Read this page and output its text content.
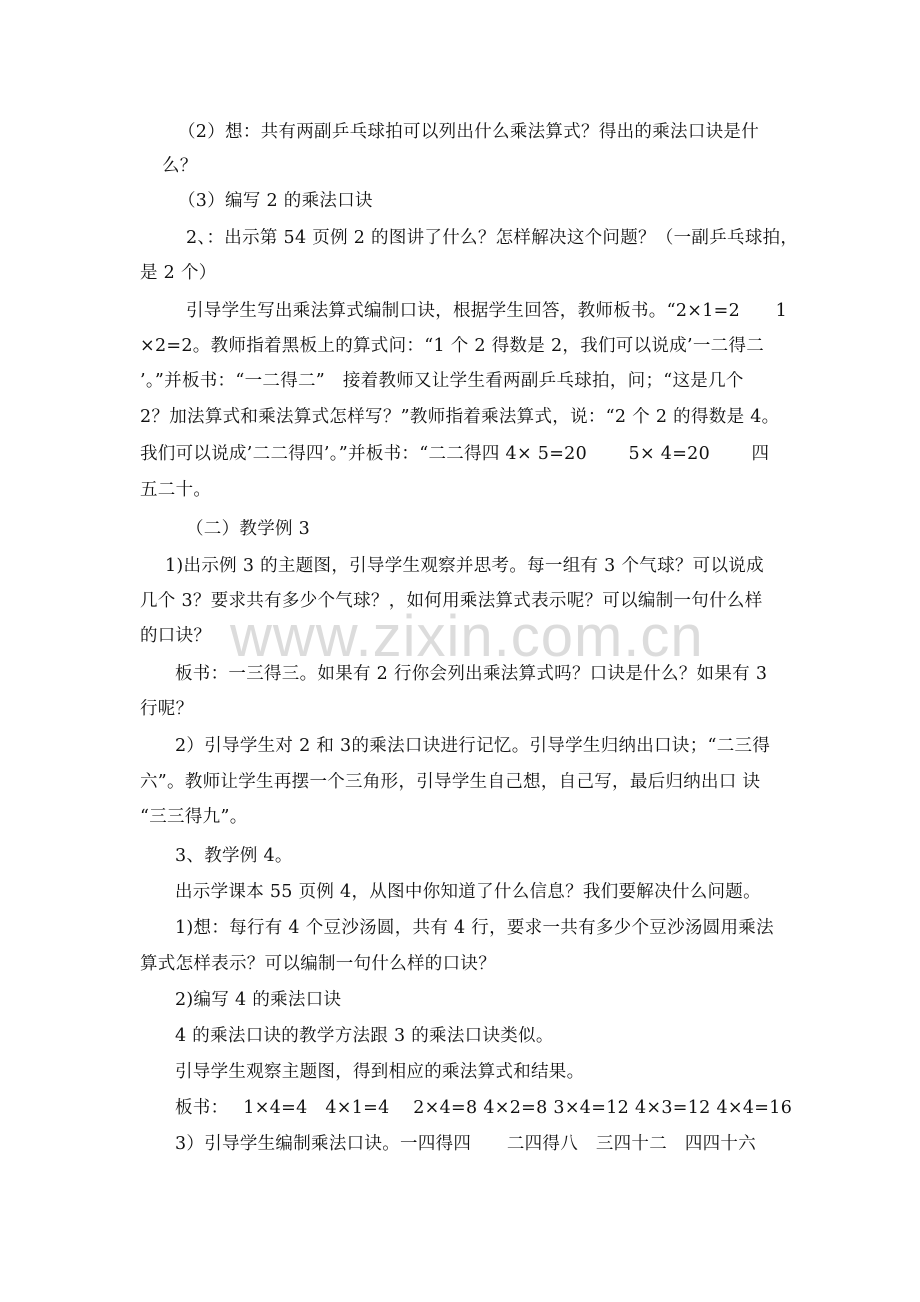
www.zixin.com.cn
（2）想：共有两副乒乓球拍可以列出什么乘法算式？得出的乘法口诀是什
么？
（3）编写 2 的乘法口诀
2、：出示第 54 页例 2 的图讲了什么？怎样解决这个问题？（一副乒乓球拍，
是 2 个）
引导学生写出乘法算式编制口诀，根据学生回答，教师板书。“2×1=2　　1
×2=2。教师指着黑板上的算式问：“1 个 2 得数是 2，我们可以说成’一二得二
’。”并板书：“一二得二”　接着教师又让学生看两副乒乓球拍，问；“这是几个
2？加法算式和乘法算式怎样写？”教师指着乘法算式，说：“2 个 2 的得数是 4。
我们可以说成’二二得四’。”并板书：“二二得四 4× 5=20　　 5× 4=20　　 四
五二十。
（二）教学例 3
1)出示例 3 的主题图，引导学生观察并思考。每一组有 3 个气球？可以说成
几个 3？要求共有多少个气球？，如何用乘法算式表示呢？可以编制一句什么样
的口诀？
板书：一三得三。如果有 2 行你会列出乘法算式吗？口诀是什么？如果有 3
行呢？
2）引导学生对 2 和 3的乘法口诀进行记忆。引导学生归纳出口诀；“二三得
六”。教师让学生再摆一个三角形，引导学生自己想，自己写，最后归纳出口 诀
“三三得九”。
3、教学例 4。
出示学课本 55 页例 4，从图中你知道了什么信息？我们要解决什么问题。
1)想：每行有 4 个豆沙汤圆，共有 4 行，要求一共有多少个豆沙汤圆用乘法
算式怎样表示？可以编制一句什么样的口诀？
2)编写 4 的乘法口诀
4 的乘法口诀的教学方法跟 3 的乘法口诀类似。
引导学生观察主题图，得到相应的乘法算式和结果。
板书：　 1×4=4　4×1=4　 2×4=8 4×2=8 3×4=12 4×3=12 4×4=16
3）引导学生编制乘法口诀。一四得四　　二四得八　三四十二　四四十六
